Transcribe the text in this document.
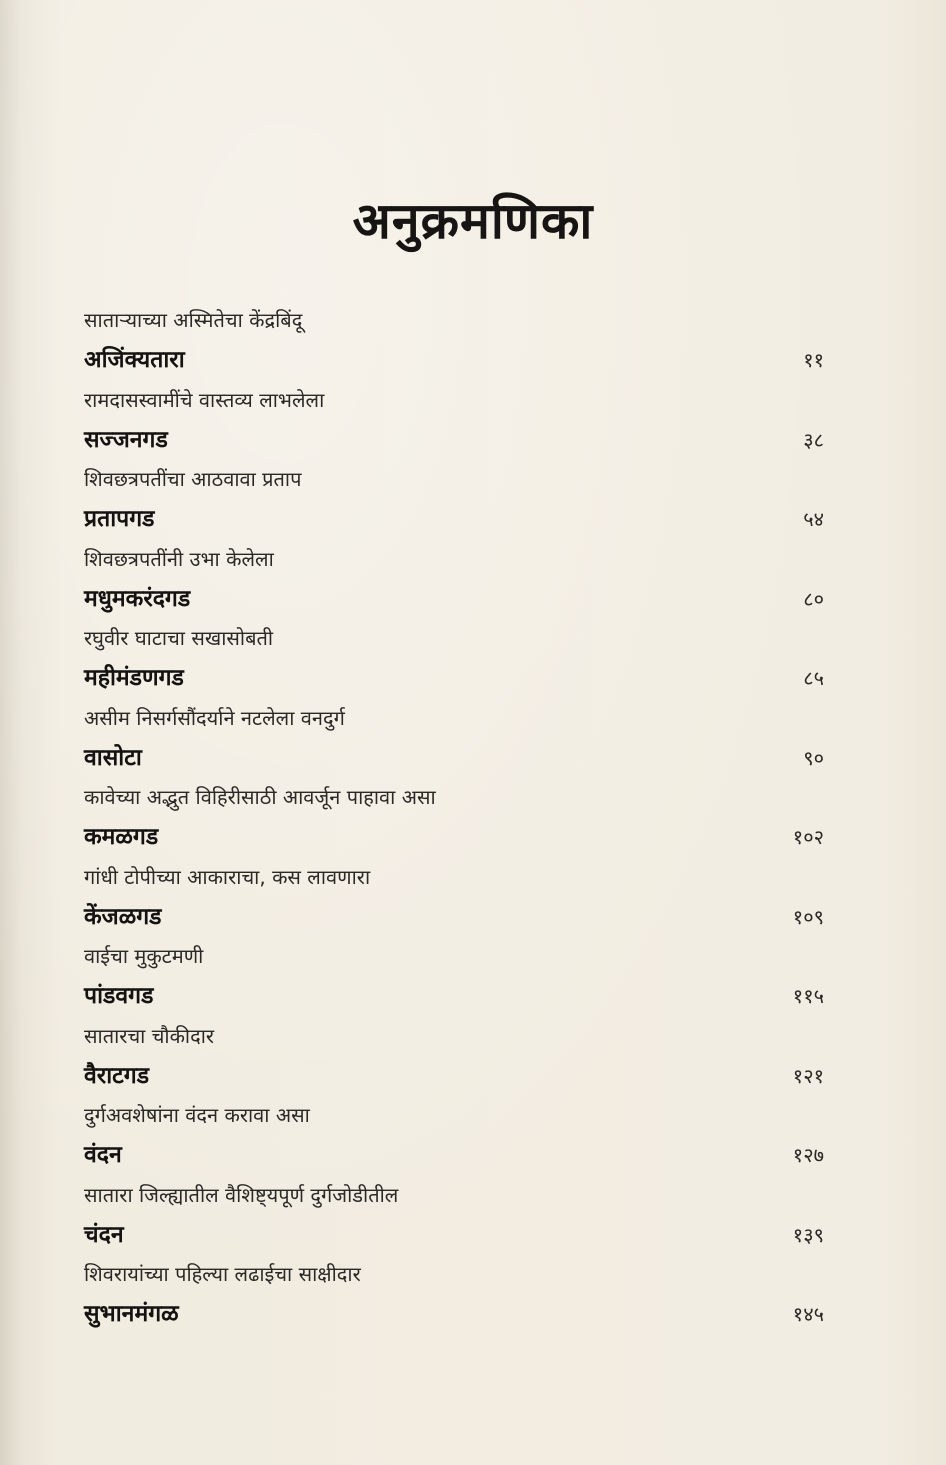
अनुक्रमणिका
साताऱ्याच्या अस्मितेचा केंद्रबिंदू
अजिंक्यतारा	११
रामदासस्वामींचे वास्तव्य लाभलेला
सज्जनगड	३८
शिवछत्रपतींचा आठवावा प्रताप
प्रतापगड	५४
शिवछत्रपतींनी उभा केलेला
मधुमकरंदगड	८०
रघुवीर घाटाचा सखासोबती
महीमंडणगड	८५
असीम निसर्गसौंदर्याने नटलेला वनदुर्ग
वासोटा	९०
कावेच्या अद्भुत विहिरीसाठी आवर्जून पाहावा असा
कमळगड	१०२
गांधी टोपीच्या आकाराचा, कस लावणारा
केंजळगड	१०९
वाईचा मुकुटमणी
पांडवगड	११५
सातारचा चौकीदार
वैराटगड	१२१
दुर्गअवशेषांना वंदन करावा असा
वंदन	१२७
सातारा जिल्ह्यातील वैशिष्ट्यपूर्ण दुर्गजोडीतील
चंदन	१३९
शिवरायांच्या पहिल्या लढाईचा साक्षीदार
सुभानमंगळ	१४५
